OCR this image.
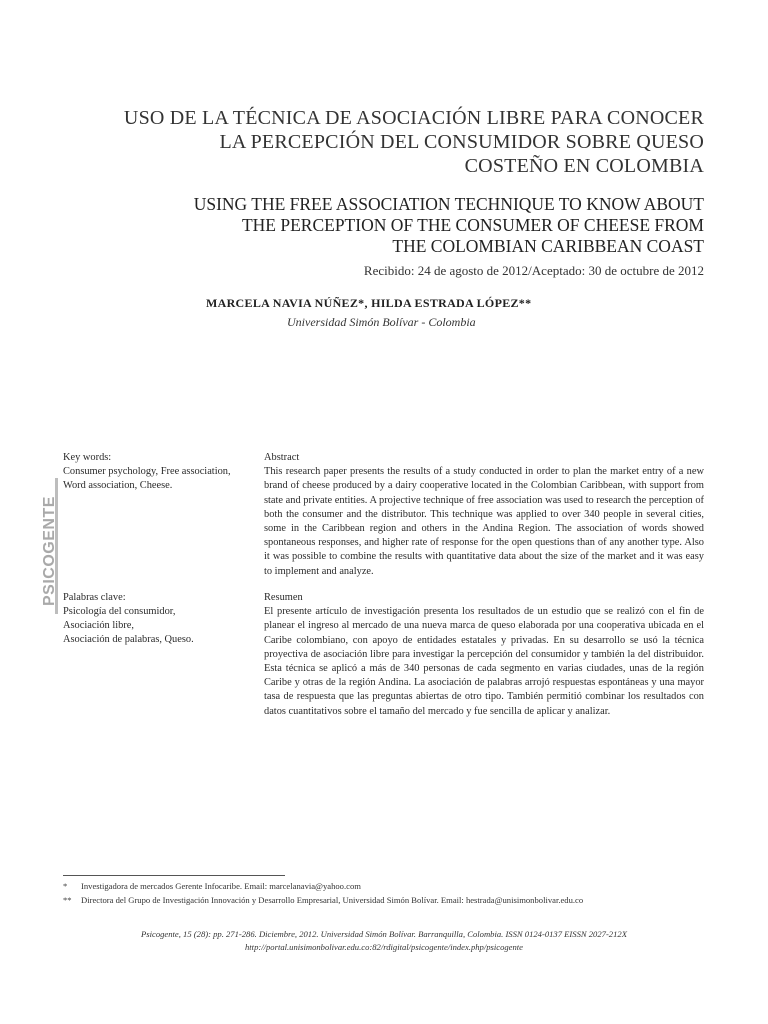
USO DE LA TÉCNICA DE ASOCIACIÓN LIBRE PARA CONOCER
LA PERCEPCIÓN DEL CONSUMIDOR SOBRE QUESO
COSTEÑO EN COLOMBIA
USING THE FREE ASSOCIATION TECHNIQUE TO KNOW ABOUT
THE PERCEPTION OF THE CONSUMER OF CHEESE FROM
THE COLOMBIAN CARIBBEAN COAST
Recibido: 24 de agosto de 2012/Aceptado: 30 de octubre de 2012
MARCELA NAVIA NÚÑEZ*, HILDA ESTRADA LÓPEZ**
Universidad Simón Bolívar - Colombia
PSICOGENTE
Key words:
Consumer psychology, Free association,
Word association, Cheese.
Abstract
This research paper presents the results of a study conducted in order to plan the market entry of a new brand of cheese produced by a dairy cooperative located in the Colombian Caribbean, with support from state and private entities. A projective technique of free association was used to research the perception of both the consumer and the distributor. This technique was applied to over 340 people in several cities, some in the Caribbean region and others in the Andina Region. The association of words showed spontaneous responses, and higher rate of response for the open questions than of any another type. Also it was possible to combine the results with quantitative data about the size of the market and it was easy to implement and analyze.
Palabras clave:
Psicología del consumidor,
Asociación libre,
Asociación de palabras, Queso.
Resumen
El presente artículo de investigación presenta los resultados de un estudio que se realizó con el fin de planear el ingreso al mercado de una nueva marca de queso elaborada por una cooperativa ubicada en el Caribe colombiano, con apoyo de entidades estatales y privadas. En su desarrollo se usó la técnica proyectiva de asociación libre para investigar la percepción del consumidor y también la del distribuidor. Esta técnica se aplicó a más de 340 personas de cada segmento en varias ciudades, unas de la región Caribe y otras de la región Andina. La asociación de palabras arrojó respuestas espontáneas y una mayor tasa de respuesta que las preguntas abiertas de otro tipo. También permitió combinar los resultados con datos cuantitativos sobre el tamaño del mercado y fue sencilla de aplicar y analizar.
* Investigadora de mercados Gerente Infocaribe. Email: marcelanavia@yahoo.com
** Directora del Grupo de Investigación Innovación y Desarrollo Empresarial, Universidad Simón Bolívar. Email: hestrada@unisimonbolivar.edu.co
Psicogente, 15 (28): pp. 271-286. Diciembre, 2012. Universidad Simón Bolívar. Barranquilla, Colombia. ISSN 0124-0137 EISSN 2027-212X
http://portal.unisimonbolivar.edu.co:82/rdigital/psicogente/index.php/psicogente
